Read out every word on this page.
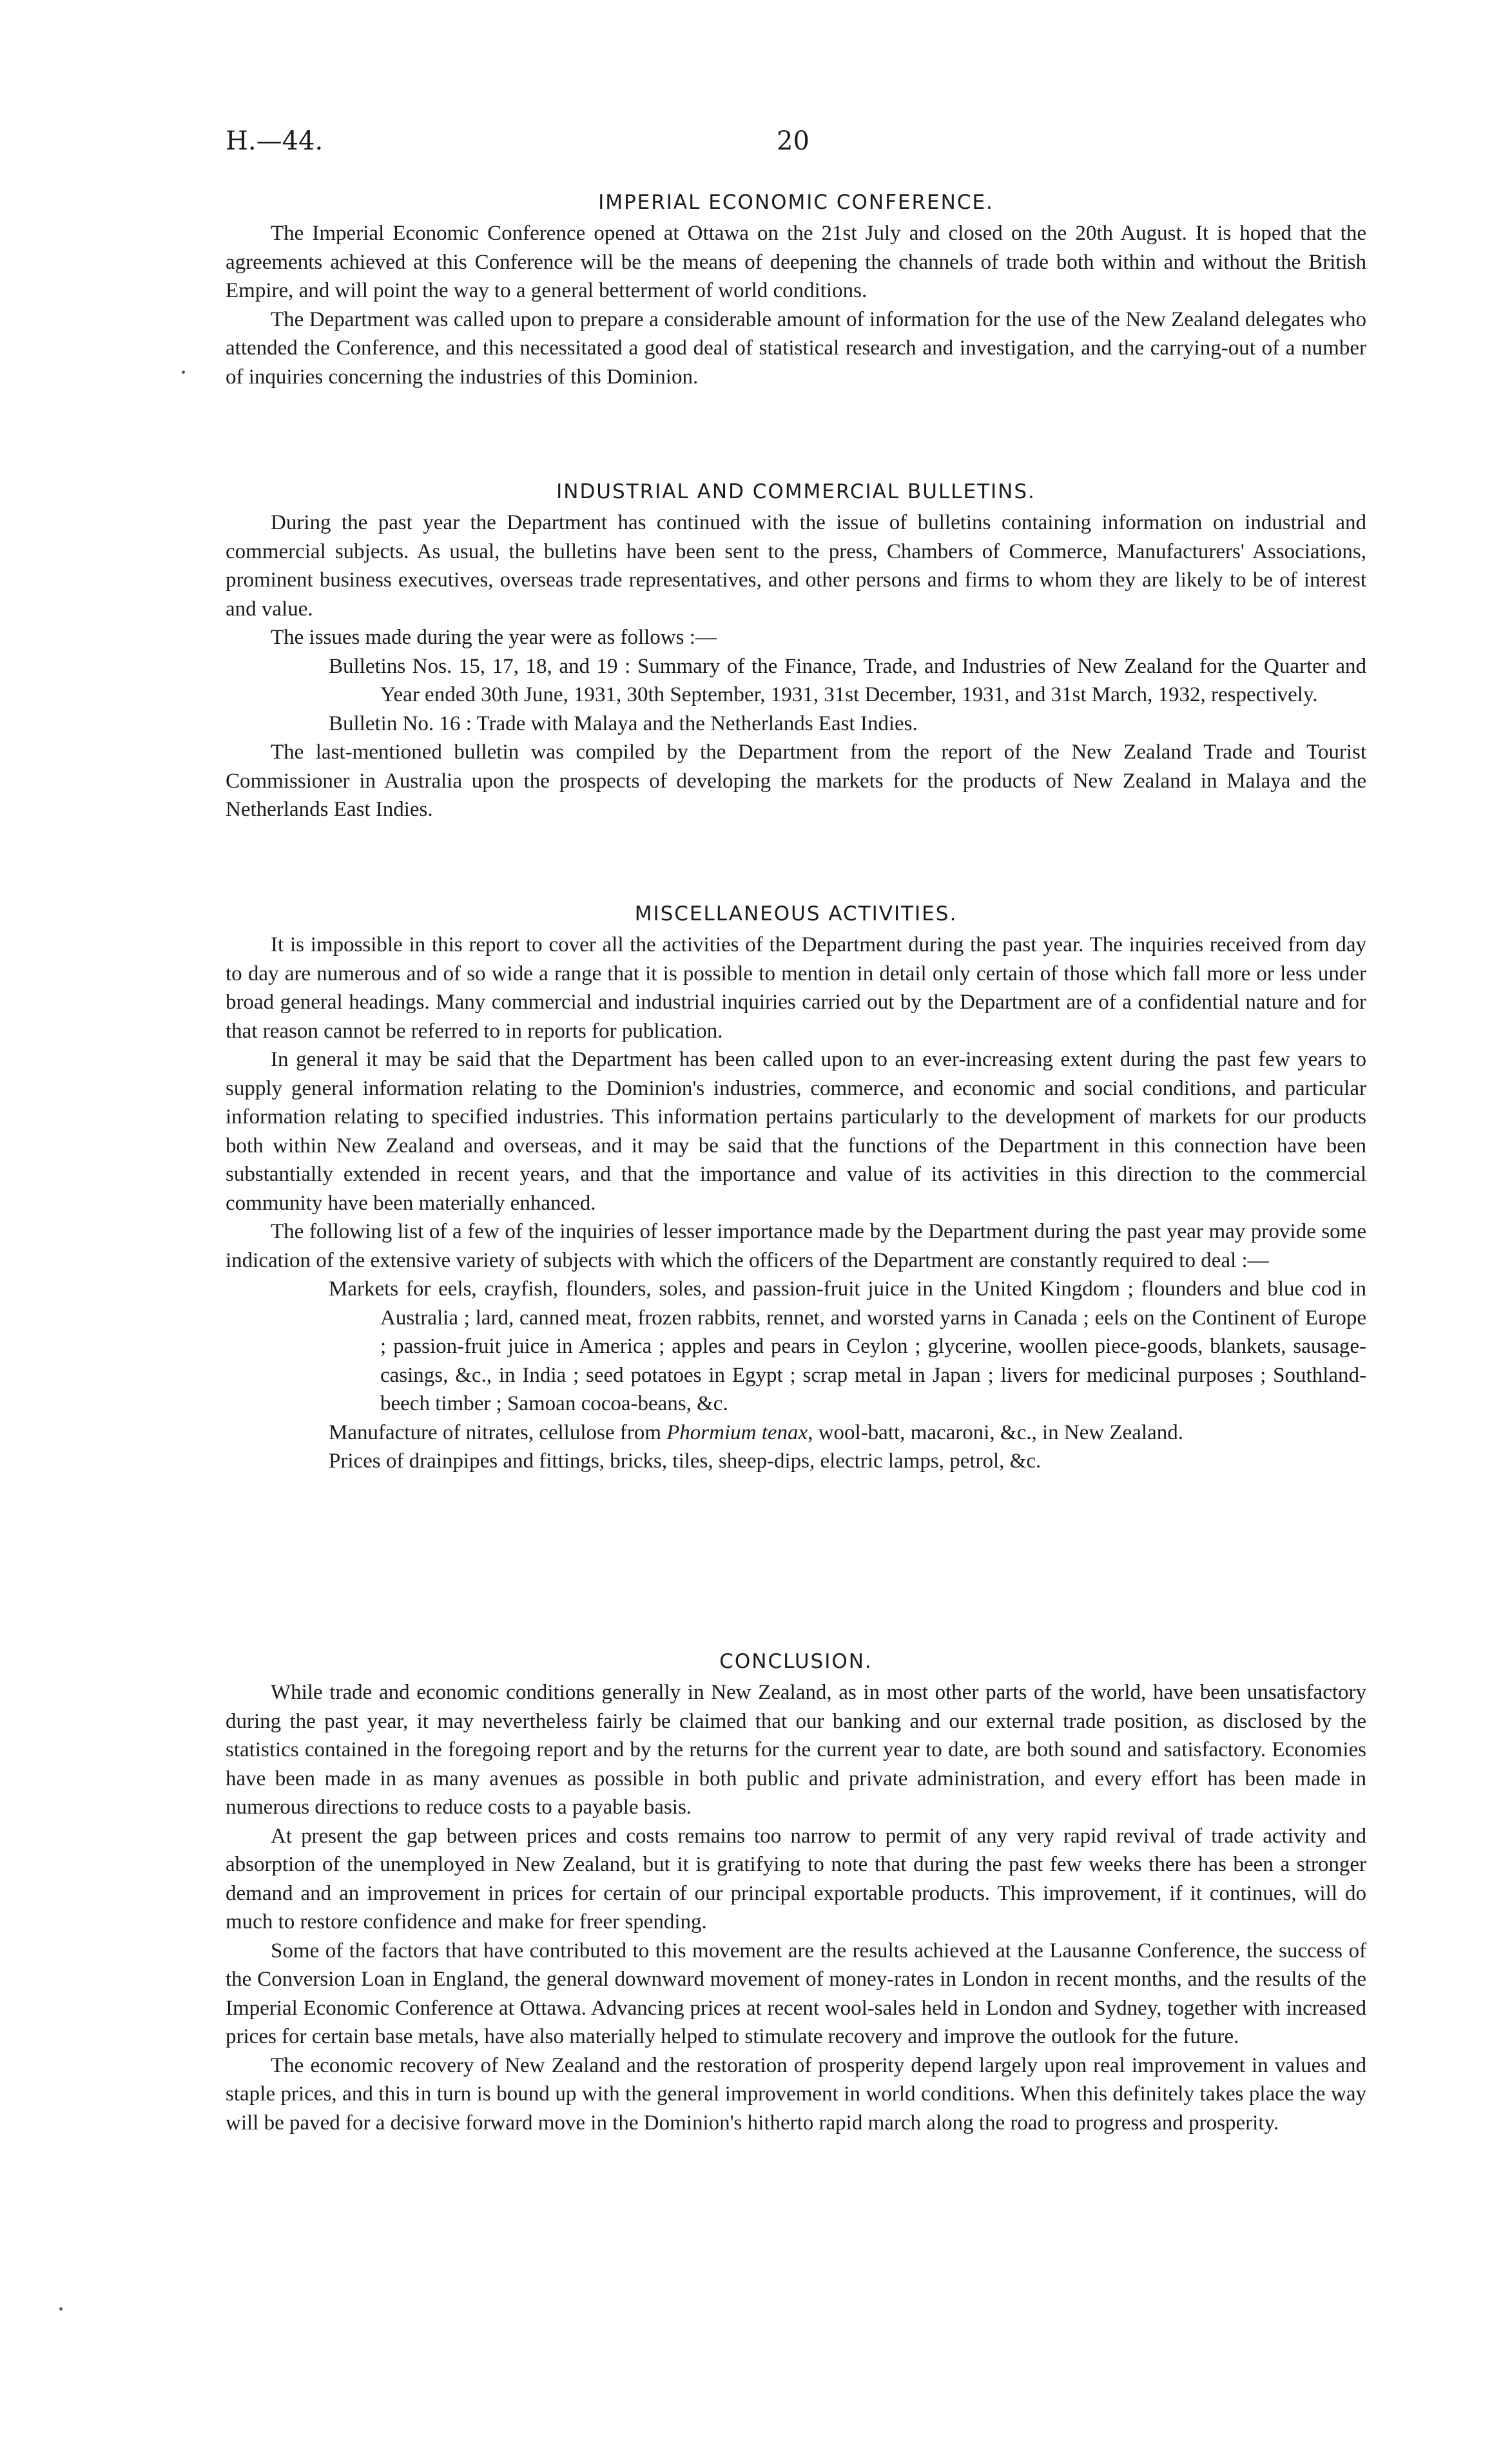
H.—44.	20
IMPERIAL ECONOMIC CONFERENCE.

The Imperial Economic Conference opened at Ottawa on the 21st July and closed on the 20th August. It is hoped that the agreements achieved at this Conference will be the means of deepening the channels of trade both within and without the British Empire, and will point the way to a general betterment of world conditions.

The Department was called upon to prepare a considerable amount of information for the use of the New Zealand delegates who attended the Conference, and this necessitated a good deal of statistical research and investigation, and the carrying-out of a number of inquiries concerning the industries of this Dominion.

INDUSTRIAL AND COMMERCIAL BULLETINS.

During the past year the Department has continued with the issue of bulletins containing information on industrial and commercial subjects. As usual, the bulletins have been sent to the press, Chambers of Commerce, Manufacturers' Associations, prominent business executives, overseas trade representatives, and other persons and firms to whom they are likely to be of interest and value.

The issues made during the year were as follows :—

Bulletins Nos. 15, 17, 18, and 19 : Summary of the Finance, Trade, and Industries of New Zealand for the Quarter and Year ended 30th June, 1931, 30th September, 1931, 31st December, 1931, and 31st March, 1932, respectively.
Bulletin No. 16 : Trade with Malaya and the Netherlands East Indies.

The last-mentioned bulletin was compiled by the Department from the report of the New Zealand Trade and Tourist Commissioner in Australia upon the prospects of developing the markets for the products of New Zealand in Malaya and the Netherlands East Indies.

MISCELLANEOUS ACTIVITIES.

It is impossible in this report to cover all the activities of the Department during the past year. The inquiries received from day to day are numerous and of so wide a range that it is possible to mention in detail only certain of those which fall more or less under broad general headings. Many commercial and industrial inquiries carried out by the Department are of a confidential nature and for that reason cannot be referred to in reports for publication.

In general it may be said that the Department has been called upon to an ever-increasing extent during the past few years to supply general information relating to the Dominion's industries, commerce, and economic and social conditions, and particular information relating to specified industries. This information pertains particularly to the development of markets for our products both within New Zealand and overseas, and it may be said that the functions of the Department in this connection have been substantially extended in recent years, and that the importance and value of its activities in this direction to the commercial community have been materially enhanced.

The following list of a few of the inquiries of lesser importance made by the Department during the past year may provide some indication of the extensive variety of subjects with which the officers of the Department are constantly required to deal :—

Markets for eels, crayfish, flounders, soles, and passion-fruit juice in the United Kingdom ; flounders and blue cod in Australia ; lard, canned meat, frozen rabbits, rennet, and worsted yarns in Canada ; eels on the Continent of Europe ; passion-fruit juice in America ; apples and pears in Ceylon ; glycerine, woollen piece-goods, blankets, sausage-casings, &c., in India ; seed potatoes in Egypt ; scrap metal in Japan ; livers for medicinal purposes ; Southland-beech timber ; Samoan cocoa-beans, &c.
Manufacture of nitrates, cellulose from Phormium tenax, wool-batt, macaroni, &c., in New Zealand.
Prices of drainpipes and fittings, bricks, tiles, sheep-dips, electric lamps, petrol, &c.
CONCLUSION.

While trade and economic conditions generally in New Zealand, as in most other parts of the world, have been unsatisfactory during the past year, it may nevertheless fairly be claimed that our banking and our external trade position, as disclosed by the statistics contained in the foregoing report and by the returns for the current year to date, are both sound and satisfactory. Economies have been made in as many avenues as possible in both public and private administration, and every effort has been made in numerous directions to reduce costs to a payable basis.

At present the gap between prices and costs remains too narrow to permit of any very rapid revival of trade activity and absorption of the unemployed in New Zealand, but it is gratifying to note that during the past few weeks there has been a stronger demand and an improvement in prices for certain of our principal exportable products. This improvement, if it continues, will do much to restore confidence and make for freer spending.

Some of the factors that have contributed to this movement are the results achieved at the Lausanne Conference, the success of the Conversion Loan in England, the general downward movement of money-rates in London in recent months, and the results of the Imperial Economic Conference at Ottawa. Advancing prices at recent wool-sales held in London and Sydney, together with increased prices for certain base metals, have also materially helped to stimulate recovery and improve the outlook for the future.

The economic recovery of New Zealand and the restoration of prosperity depend largely upon real improvement in values and staple prices, and this in turn is bound up with the general improvement in world conditions. When this definitely takes place the way will be paved for a decisive forward move in the Dominion's hitherto rapid march along the road to progress and prosperity.
